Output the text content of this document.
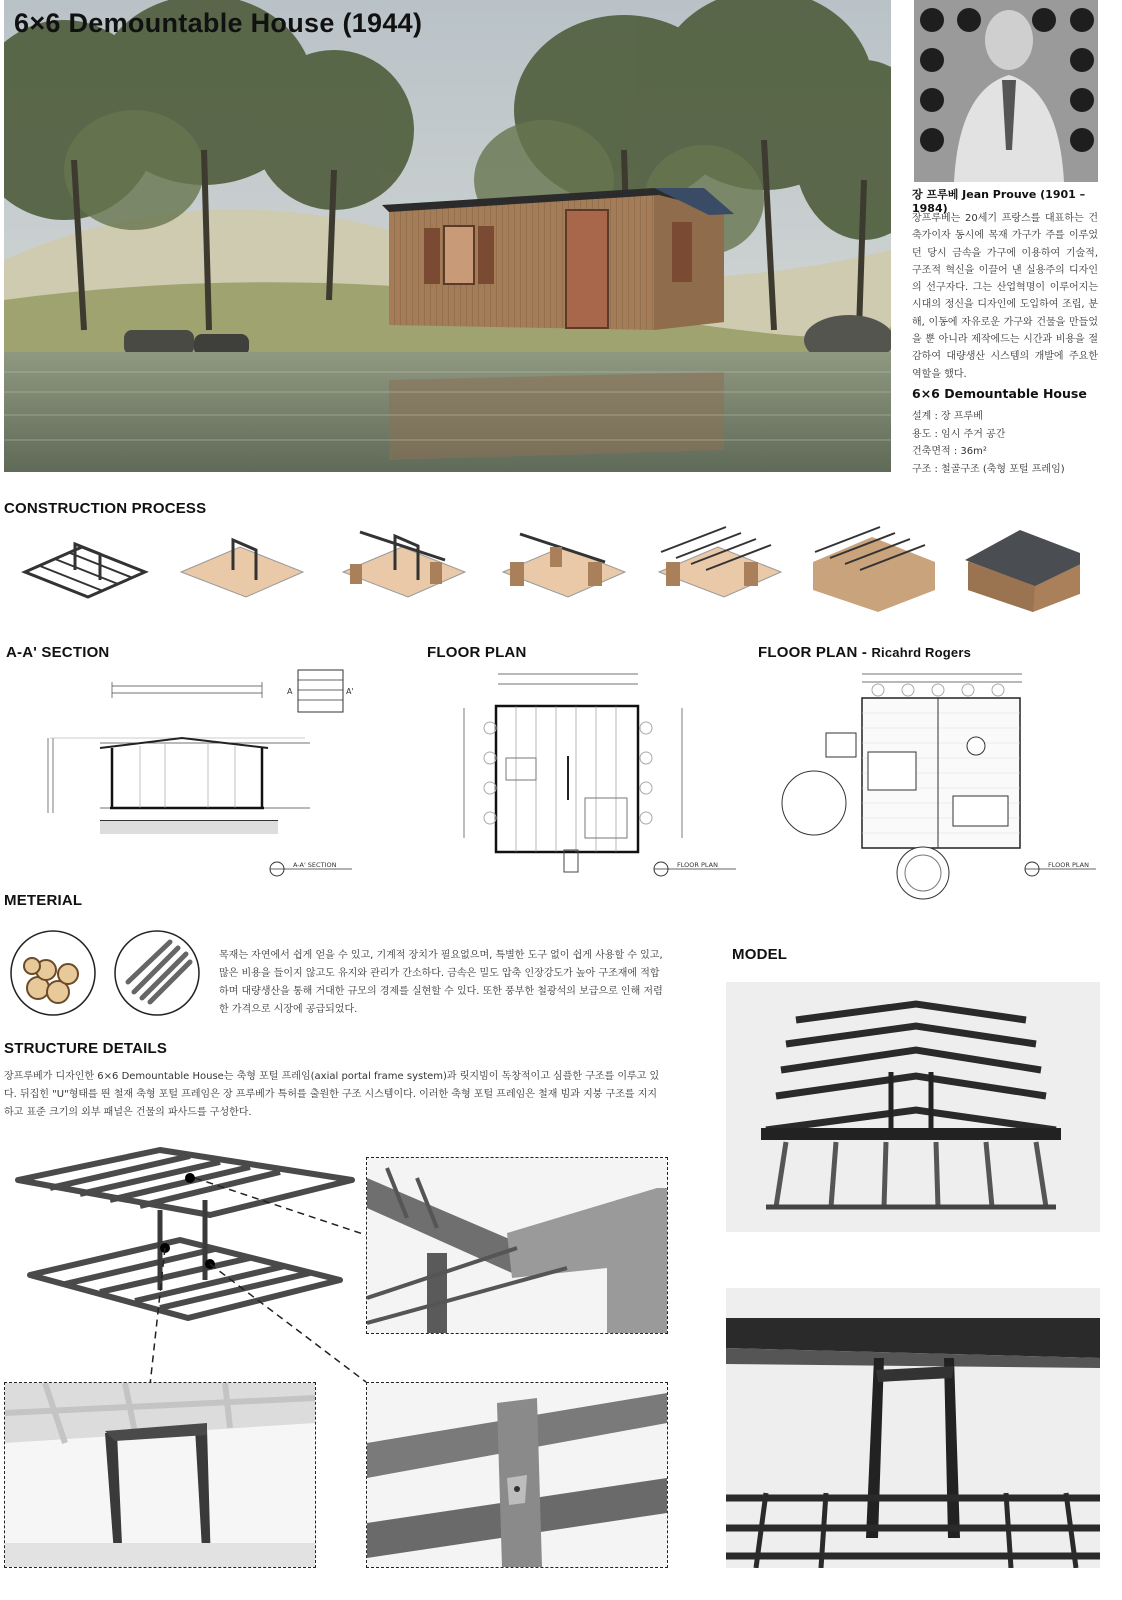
6×6 Demountable House (1944)
장 프루베 Jean Prouve (1901 – 1984)
장프루베는 20세기 프랑스를 대표하는 건축가이자 동시에 목재 가구가 주를 이루었던 당시 금속을 가구에 이용하여 기술적, 구조적 혁신을 이끌어 낸 실용주의 디자인의 선구자다. 그는 산업혁명이 이루어지는 시대의 정신을 디자인에 도입하여 조립, 분해, 이동에 자유로운 가구와 건물을 만들었을 뿐 아니라 제작에드는 시간과 비용을 절감하여 대량생산 시스템의 개발에 주요한 역할을 했다.
6×6 Demountable House
설계 : 장 프루베
용도 : 임시 주거 공간
건축면적 : 36m²
구조 : 철골구조 (축형 포털 프레임)
CONSTRUCTION PROCESS
A-A' SECTION	FLOOR PLAN	FLOOR PLAN - Ricahrd Rogers
A	A'
A-A' SECTION	FLOOR PLAN	FLOOR PLAN
METERIAL
목재는 자연에서 쉽게 얻을 수 있고, 기계적 장치가 필요없으며, 특별한 도구 없이 쉽게 사용할 수 있고, 많은 비용을 들이지 않고도 유지와 관리가 간소하다. 금속은 밀도 압축 인장강도가 높아 구조재에 적합하며 대량생산을 통해 거대한 규모의 경제를 실현할 수 있다. 또한 풍부한 철광석의 보급으로 인해 저렴한 가격으로 시장에 공급되었다.
STRUCTURE DETAILS
장프루베가 디자인한 6×6 Demountable House는 축형 포털 프레임(axial portal frame system)과 릿지빔이 독창적이고 심플한 구조를 이루고 있다. 뒤집힌 "U"형태를 띈 철재 축형 포털 프레임은 장 프루베가 특허를 출원한 구조 시스템이다. 이러한 축형 포털 프레임은 철재 빔과 지붕 구조를 지지하고 표준 크기의 외부 패널은 건물의 파사드를 구성한다.
MODEL
